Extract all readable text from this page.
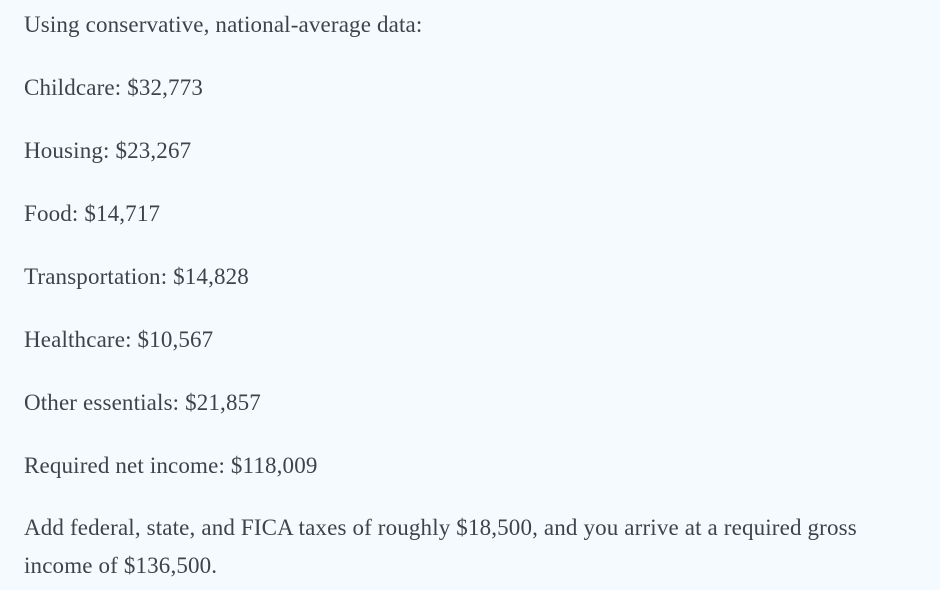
Using conservative, national-average data:

Childcare: $32,773

Housing: $23,267

Food: $14,717

Transportation: $14,828

Healthcare: $10,567

Other essentials: $21,857

Required net income: $118,009

Add federal, state, and FICA taxes of roughly $18,500, and you arrive at a required gross income of $136,500.
